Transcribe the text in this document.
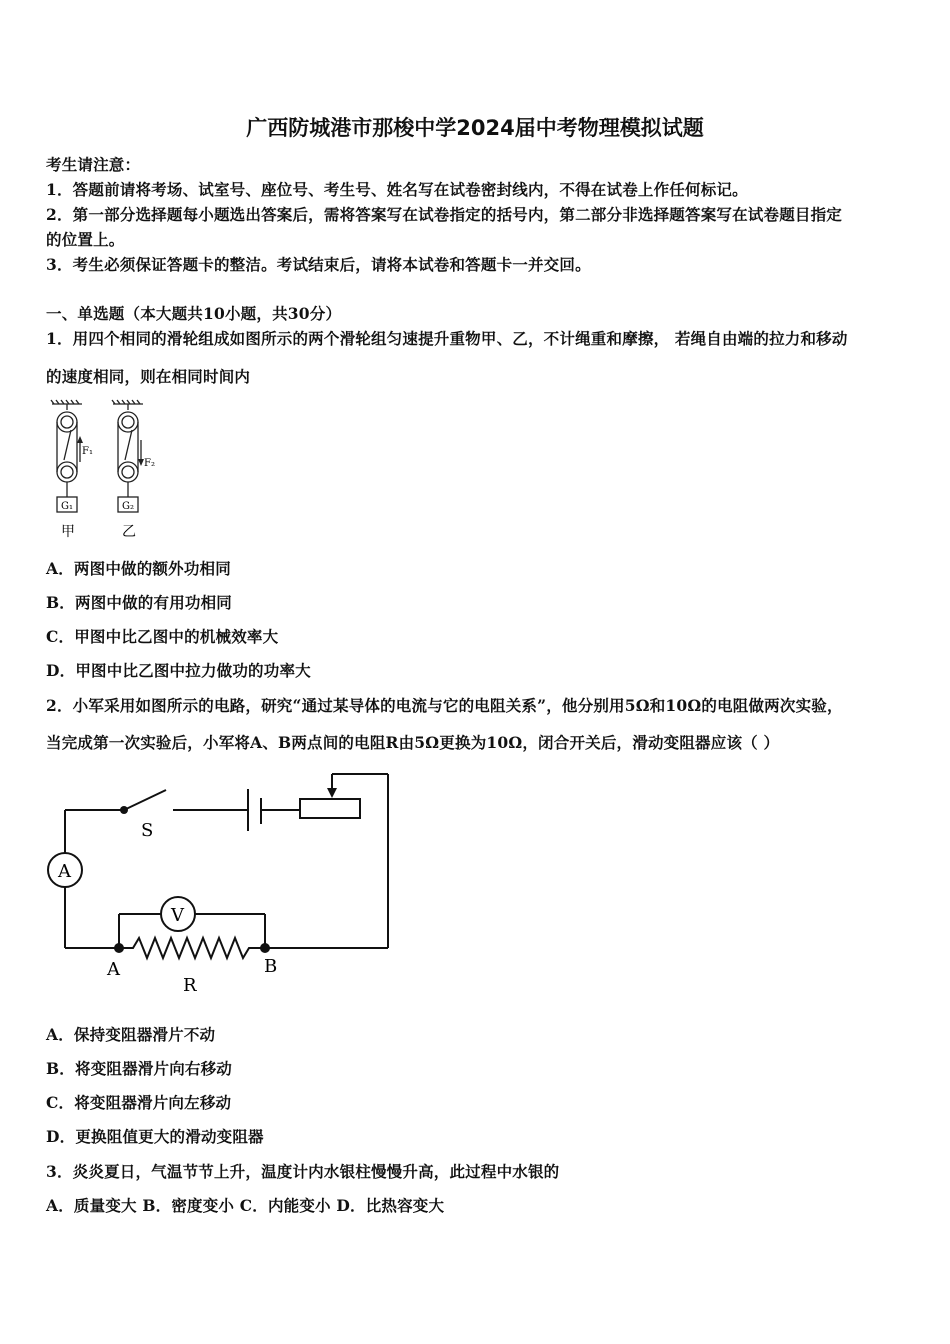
广西防城港市那梭中学2024届中考物理模拟试题
考生请注意：
1．答题前请将考场、试室号、座位号、考生号、姓名写在试卷密封线内，不得在试卷上作任何标记。
2．第一部分选择题每小题选出答案后，需将答案写在试卷指定的括号内，第二部分非选择题答案写在试卷题目指定
的位置上。
3．考生必须保证答题卡的整洁。考试结束后，请将本试卷和答题卡一并交回。
一、单选题（本大题共10小题，共30分）
1．用四个相同的滑轮组成如图所示的两个滑轮组匀速提升重物甲、乙，不计绳重和摩擦， 若绳自由端的拉力和移动
的速度相同，则在相同时间内
F₁
F₂
G₁	G₂
甲	乙
A．两图中做的额外功相同
B．两图中做的有用功相同
C．甲图中比乙图中的机械效率大
D．甲图中比乙图中拉力做功的功率大
2．小军采用如图所示的电路，研究“通过某导体的电流与它的电阻关系”，他分别用5Ω和10Ω的电阻做两次实验，
当完成第一次实验后，小军将A、B两点间的电阻R由5Ω更换为10Ω，闭合开关后，滑动变阻器应该（ ）
S
A
V
A	B
R
A．保持变阻器滑片不动
B．将变阻器滑片向右移动
C．将变阻器滑片向左移动
D．更换阻值更大的滑动变阻器
3．炎炎夏日，气温节节上升，温度计内水银柱慢慢升高，此过程中水银的
A．质量变大 B．密度变小 C．内能变小 D．比热容变大
